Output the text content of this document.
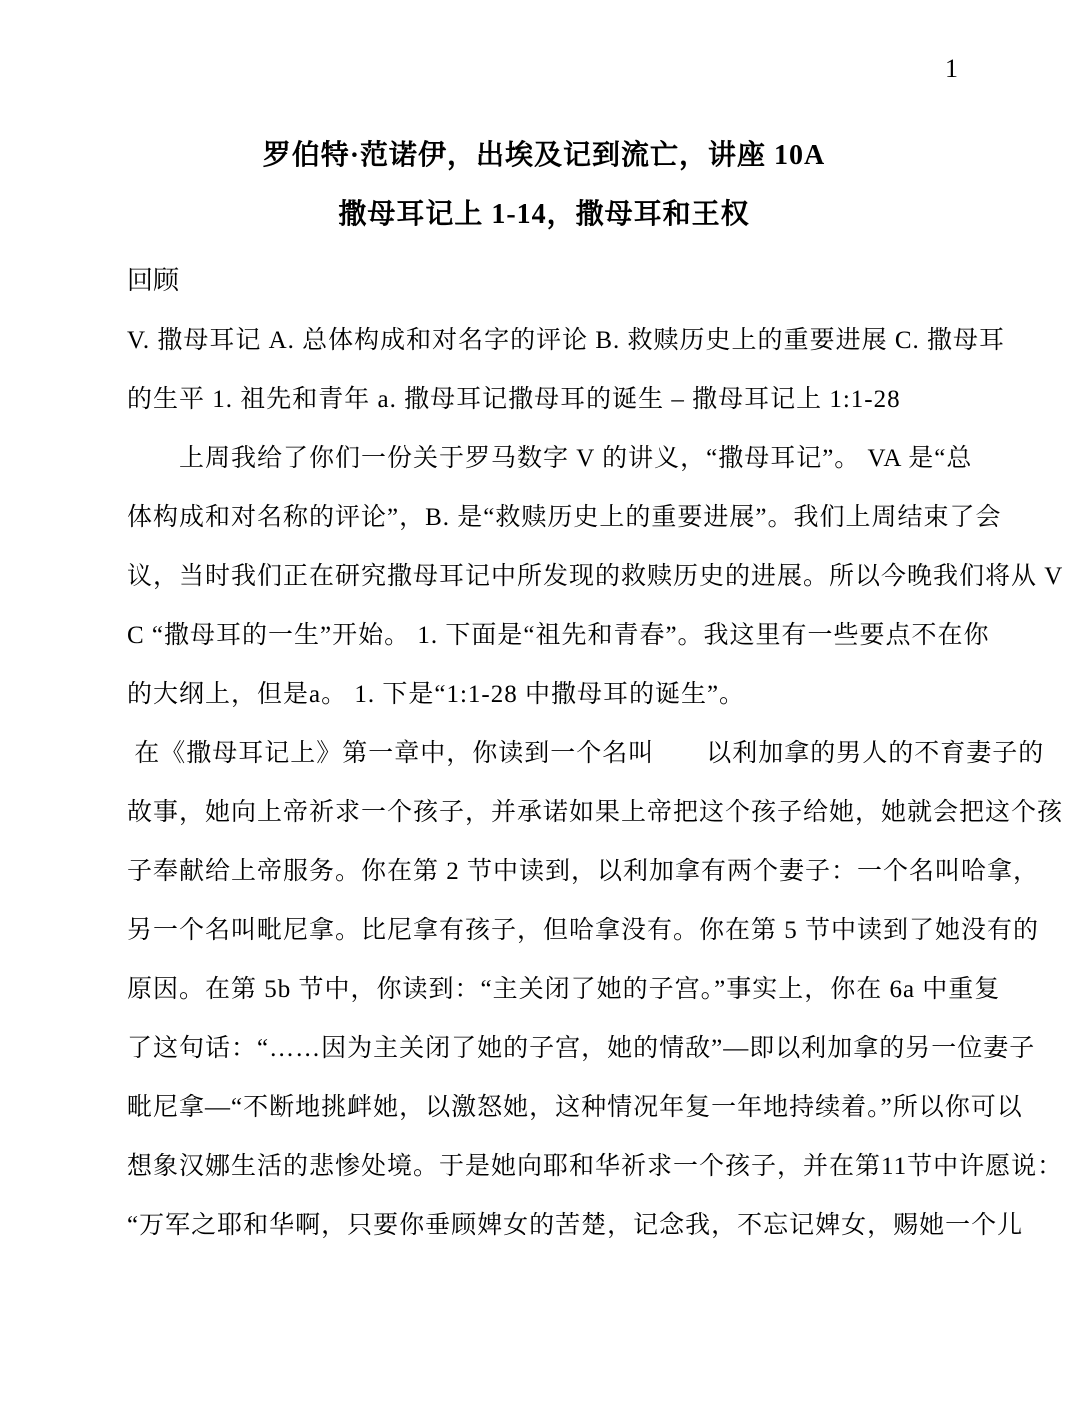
1
罗伯特·范诺伊，出埃及记到流亡，讲座 10A
撒母耳记上 1-14，撒母耳和王权
回顾
V. 撒母耳记 A. 总体构成和对名字的评论 B. 救赎历史上的重要进展 C. 撒母耳
的生平 1. 祖先和青年 a. 撒母耳记撒母耳的诞生 – 撒母耳记上 1:1-28
　　上周我给了你们一份关于罗马数字 V 的讲义，“撒母耳记”。 VA 是“总
体构成和对名称的评论”，B. 是“救赎历史上的重要进展”。我们上周结束了会
议，当时我们正在研究撒母耳记中所发现的救赎历史的进展。所以今晚我们将从 V
C “撒母耳的一生”开始。 1. 下面是“祖先和青春”。我这里有一些要点不在你
的大纲上，但是a。 1. 下是“1:1-28 中撒母耳的诞生”。
在《撒母耳记上》第一章中，你读到一个名叫　　以利加拿的男人的不育妻子的
故事，她向上帝祈求一个孩子，并承诺如果上帝把这个孩子给她，她就会把这个孩
子奉献给上帝服务。你在第 2 节中读到，以利加拿有两个妻子：一个名叫哈拿，
另一个名叫毗尼拿。比尼拿有孩子，但哈拿没有。你在第 5 节中读到了她没有的
原因。在第 5b 节中，你读到：“主关闭了她的子宫。”事实上，你在 6a 中重复
了这句话：“……因为主关闭了她的子宫，她的情敌”—即以利加拿的另一位妻子
毗尼拿—“不断地挑衅她，以激怒她，这种情况年复一年地持续着。”所以你可以
想象汉娜生活的悲惨处境。于是她向耶和华祈求一个孩子，并在第11节中许愿说：
“万军之耶和华啊，只要你垂顾婢女的苦楚，记念我，不忘记婢女，赐她一个儿
